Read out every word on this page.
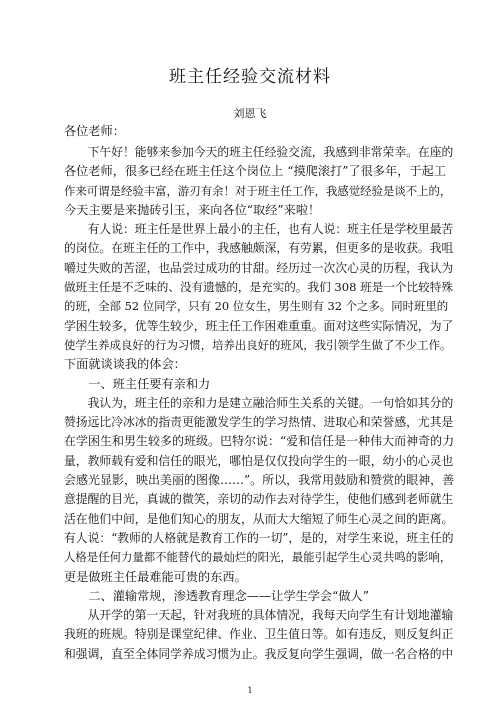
班主任经验交流材料
刘恩飞
各位老师：
　　下午好！能够来参加今天的班主任经验交流，我感到非常荣幸。在座的
各位老师，很多已经在班主任这个岗位上 “摸爬滚打”了很多年，于起工
作来可谓是经验丰富，游刃有余！对于班主任工作，我感觉经验是谈不上的，
今天主要是来抛砖引玉，来向各位“取经”来啦！
　　有人说：班主任是世界上最小的主任，也有人说：班主任是学校里最苦
的岗位。在班主任的工作中，我感触颇深，有劳累，但更多的是收获。我咀
嚼过失败的苦涩，也品尝过成功的甘甜。经历过一次次心灵的历程，我认为
做班主任是不乏味的、没有遗憾的，是充实的。我们 308 班是一个比较特殊
的班，全部 52 位同学，只有 20 位女生，男生则有 32 个之多。同时班里的
学困生较多，优等生较少，班主任工作困难重重。面对这些实际情况，为了
使学生养成良好的行为习惯，培养出良好的班风，我引领学生做了不少工作。
下面就谈谈我的体会：
　　一、班主任要有亲和力
　　我认为，班主任的亲和力是建立融洽师生关系的关键。一句恰如其分的
赞扬远比冷冰冰的指责更能激发学生的学习热情、进取心和荣誉感，尤其是
在学困生和男生较多的班级。巴特尔说：“爱和信任是一种伟大而神奇的力
量，教师载有爱和信任的眼光，哪怕是仅仅投向学生的一眼，幼小的心灵也
会感光显影，映出美丽的图像……”。所以，我常用鼓励和赞赏的眼神，善
意提醒的目光，真诚的微笑，亲切的动作去对待学生，使他们感到老师就生
活在他们中间，是他们知心的朋友，从而大大缩短了师生心灵之间的距离。
有人说：“教师的人格就是教育工作的一切”，是的，对学生来说，班主任的
人格是任何力量都不能替代的最灿烂的阳光，最能引起学生心灵共鸣的影响，
更是做班主任最难能可贵的东西。
　　二、灌输常规，渗透教育理念——让学生学会“做人”
　　从开学的第一天起，针对我班的具体情况，我每天向学生有计划地灌输
我班的班规。特别是课堂纪律、作业、卫生值日等。如有违反，则反复纠正
和强调，直至全体同学养成习惯为止。我反复向学生强调，做一名合格的中
1
